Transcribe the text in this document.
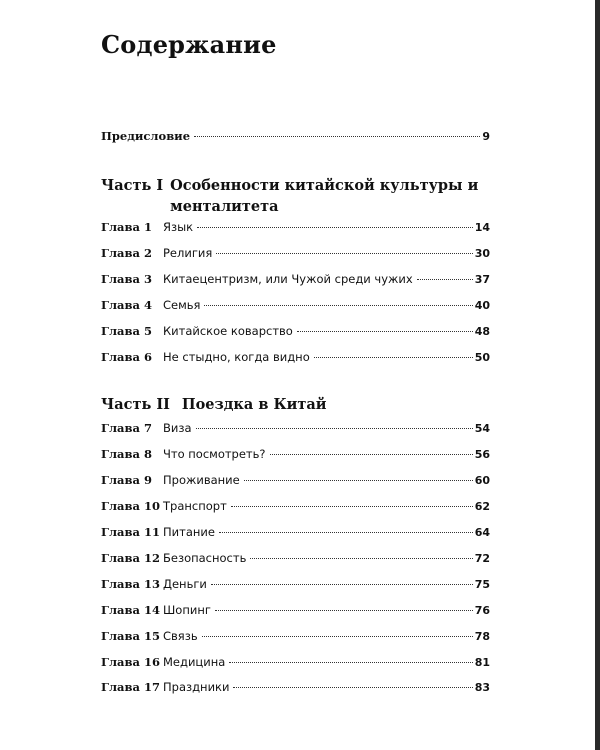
Содержание
Предисловие	9
Часть I Особенности китайской культуры и менталитета
Глава 1 Язык	14
Глава 2 Религия	30
Глава 3 Китаецентризм, или Чужой среди чужих	37
Глава 4 Семья	40
Глава 5 Китайское коварство	48
Глава 6 Не стыдно, когда видно	50
Часть II Поездка в Китай
Глава 7 Виза	54
Глава 8 Что посмотреть?	56
Глава 9 Проживание	60
Глава 10 Транспорт	62
Глава 11 Питание	64
Глава 12 Безопасность	72
Глава 13 Деньги	75
Глава 14 Шопинг	76
Глава 15 Связь	78
Глава 16 Медицина	81
Глава 17 Праздники	83
